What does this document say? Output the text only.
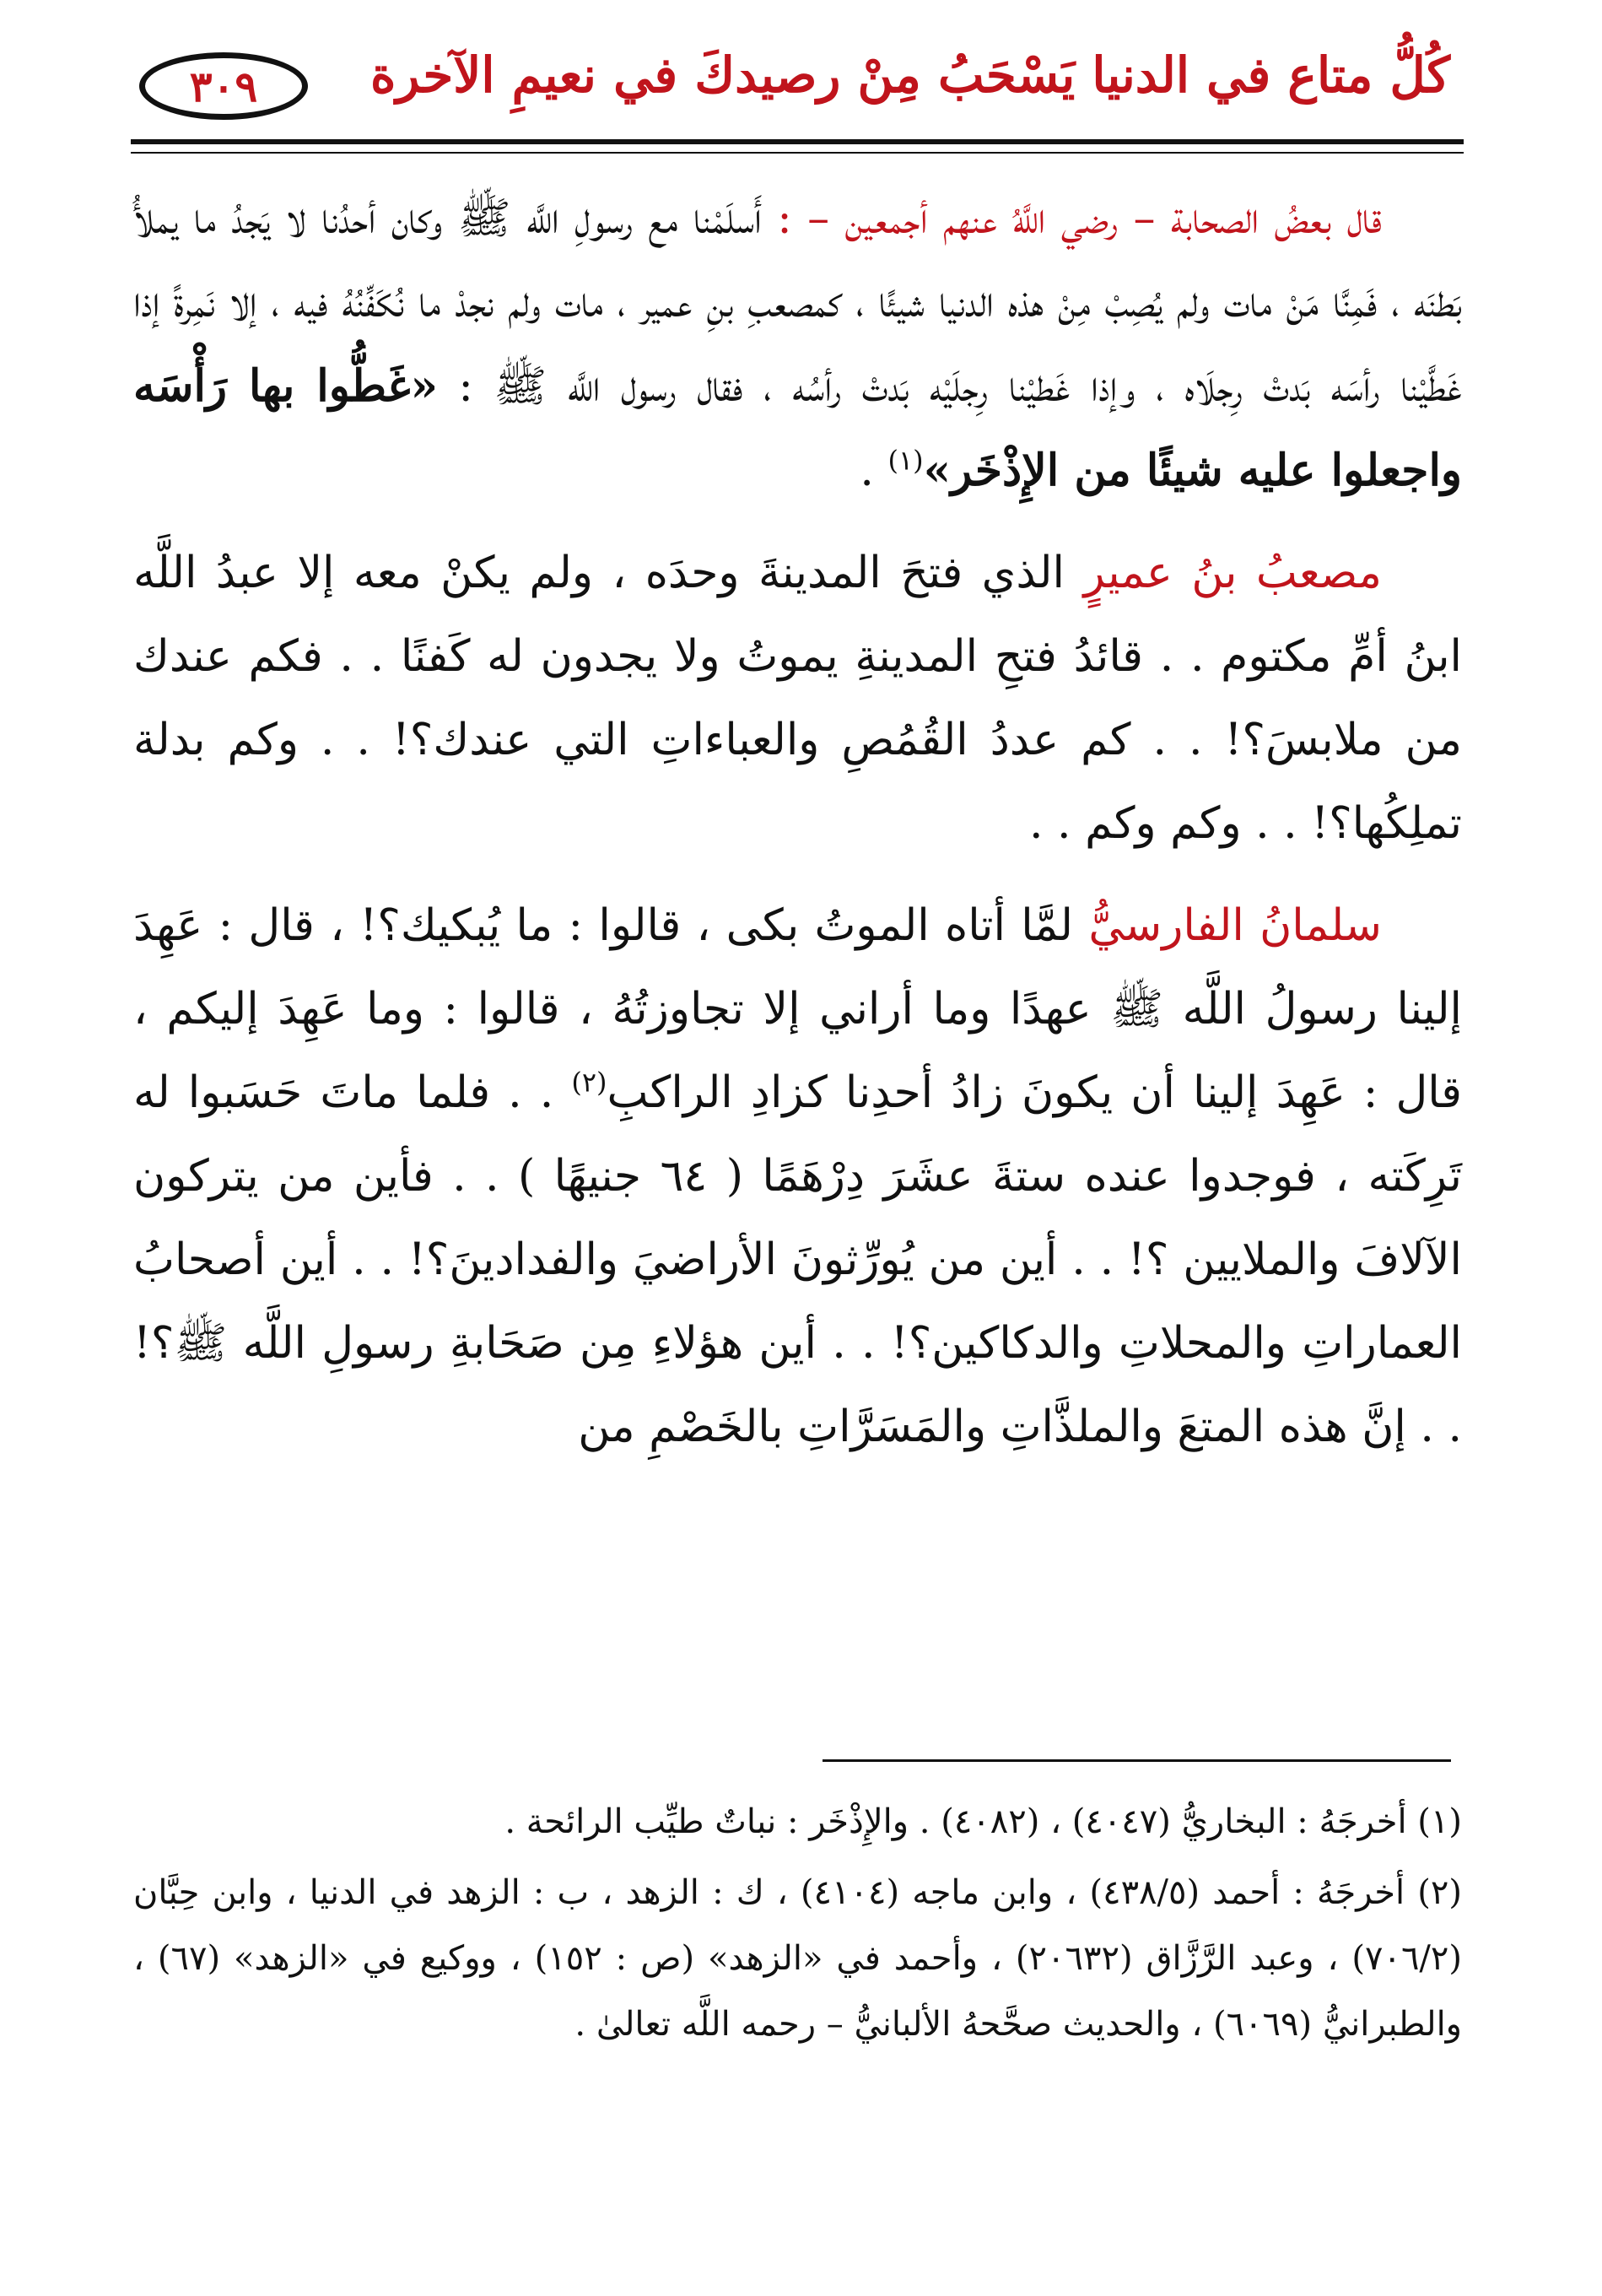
كُلُّ متاع في الدنيا يَسْحَبُ مِنْ رصيدكَ في نعيمِ الآخرة
٣٠٩

قال بعضُ الصحابة – رضي اللَّهُ عنهم أجمعين – : أَسلَمْنا مع رسولِ اللَّه ﷺ وكان أحدُنا لا يَجدُ ما يملأُ بَطنَه ، فَمِنَّا مَنْ مات ولم يُصِبْ مِنْ هذه الدنيا شيئًا ، كمصعبِ بنِ عمير ، مات ولم نجدْ ما نُكَفِّنُهُ فيه ، إلا نَمِرةً إذا غَطَّيْنا رأسَه بَدتْ رِجلَاه ، وإذا غَطيْنا رِجلَيْه بَدتْ رأسُه ، فقال رسول اللَّه ﷺ : «غَطُّوا بها رَأْسَه واجعلوا عليه شيئًا من الإِذْخَر»$^{(١)}$ .

مصعبُ بنُ عميرٍ الذي فتحَ المدينةَ وحدَه ، ولم يكنْ معه إلا عبدُ اللَّه ابنُ أمِّ مكتوم . . قائدُ فتحِ المدينةِ يموتُ ولا يجدون له كَفنًا . . فكم عندك من ملابسَ؟! . . كم عددُ القُمُصِ والعباءاتِ التي عندك؟! . . وكم بدلة تملِكُها؟! . . وكم وكم . .

سلمانُ الفارسيُّ لمَّا أتاه الموتُ بكى ، قالوا : ما يُبكيك؟! ، قال : عَهِدَ إلينا رسولُ اللَّه ﷺ عهدًا وما أراني إلا تجاوزتُهُ ، قالوا : وما عَهِدَ إليكم ، قال : عَهِدَ إلينا أن يكونَ زادُ أحدِنا كزادِ الراكبِ$^{(٢)}$ . . فلما ماتَ حَسَبوا له تَرِكَته ، فوجدوا عنده ستةَ عشَرَ دِرْهَمًا ( ٦٤ جنيهًا ) . . فأين من يتركون الآلافَ والملايين ؟! . . أين من يُورِّثونَ الأراضيَ والفدادينَ؟! . . أين أصحابُ العماراتِ والمحلاتِ والدكاكين؟! . . أين هؤلاءِ مِن صَحَابةِ رسولِ اللَّه ﷺ؟! . . إنَّ هذه المتعَ والملذَّاتِ والمَسَرَّاتِ بالخَصْمِ من

(١) أخرجَهُ : البخاريُّ (٤٠٤٧) ، (٤٠٨٢) . والإِذْخَر : نباتٌ طيِّب الرائحة .

(٢) أخرجَهُ : أحمد (٤٣٨/٥) ، وابن ماجه (٤١٠٤) ، ك : الزهد ، ب : الزهد في الدنيا ، وابن حِبَّان (٧٠٦/٢) ، وعبد الرَّزَّاق (٢٠٦٣٢) ، وأحمد في «الزهد» (ص : ١٥٢) ، ووكيع في «الزهد» (٦٧) ، والطبرانيُّ (٦٠٦٩) ، والحديث صحَّحهُ الألبانيُّ – رحمه اللَّه تعالىٰ .
